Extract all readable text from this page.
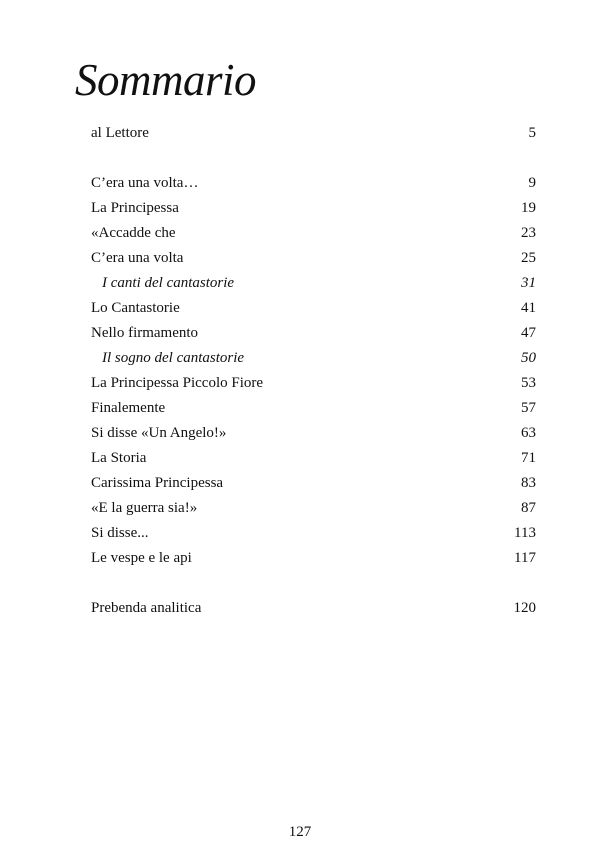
Sommario
al Lettore	5
C’era una volta…	9
La Principessa	19
«Accadde che	23
C’era una volta	25
I canti del cantastorie	31
Lo Cantastorie	41
Nello firmamento	47
Il sogno del cantastorie	50
La Principessa Piccolo Fiore	53
Finalemente	57
Si disse «Un Angelo!»	63
La Storia	71
Carissima Principessa	83
«E la guerra sia!»	87
Si disse...	113
Le vespe e le api	117
Prebenda analitica	120
127
